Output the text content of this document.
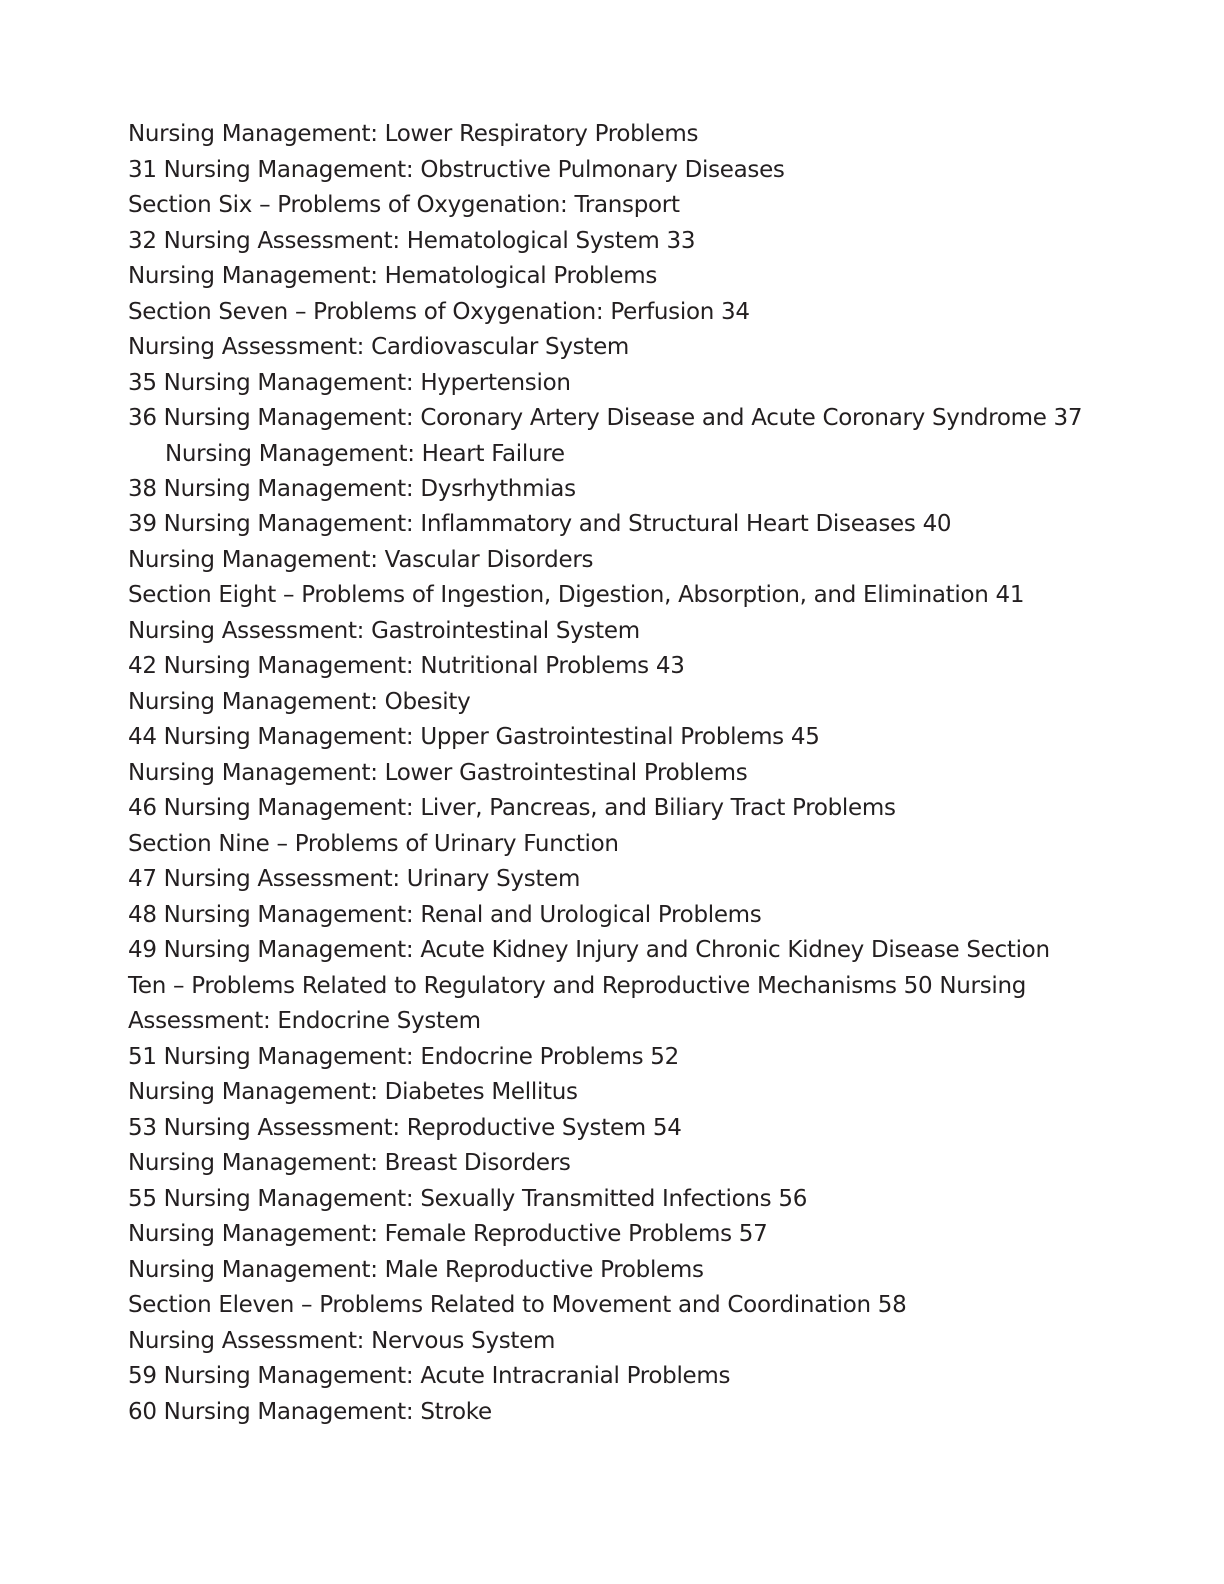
Nursing Management: Lower Respiratory Problems
31 Nursing Management: Obstructive Pulmonary Diseases
Section Six – Problems of Oxygenation: Transport
32 Nursing Assessment: Hematological System 33
Nursing Management: Hematological Problems
Section Seven – Problems of Oxygenation: Perfusion 34
Nursing Assessment: Cardiovascular System
35 Nursing Management: Hypertension
36 Nursing Management: Coronary Artery Disease and Acute Coronary Syndrome 37
Nursing Management: Heart Failure
38 Nursing Management: Dysrhythmias
39 Nursing Management: Inflammatory and Structural Heart Diseases 40
Nursing Management: Vascular Disorders
Section Eight – Problems of Ingestion, Digestion, Absorption, and Elimination 41
Nursing Assessment: Gastrointestinal System
42 Nursing Management: Nutritional Problems 43
Nursing Management: Obesity
44 Nursing Management: Upper Gastrointestinal Problems 45
Nursing Management: Lower Gastrointestinal Problems
46 Nursing Management: Liver, Pancreas, and Biliary Tract Problems
Section Nine – Problems of Urinary Function
47 Nursing Assessment: Urinary System
48 Nursing Management: Renal and Urological Problems
49 Nursing Management: Acute Kidney Injury and Chronic Kidney Disease Section
Ten – Problems Related to Regulatory and Reproductive Mechanisms 50 Nursing
Assessment: Endocrine System
51 Nursing Management: Endocrine Problems 52
Nursing Management: Diabetes Mellitus
53 Nursing Assessment: Reproductive System 54
Nursing Management: Breast Disorders
55 Nursing Management: Sexually Transmitted Infections 56
Nursing Management: Female Reproductive Problems 57
Nursing Management: Male Reproductive Problems
Section Eleven – Problems Related to Movement and Coordination 58
Nursing Assessment: Nervous System
59 Nursing Management: Acute Intracranial Problems
60 Nursing Management: Stroke
